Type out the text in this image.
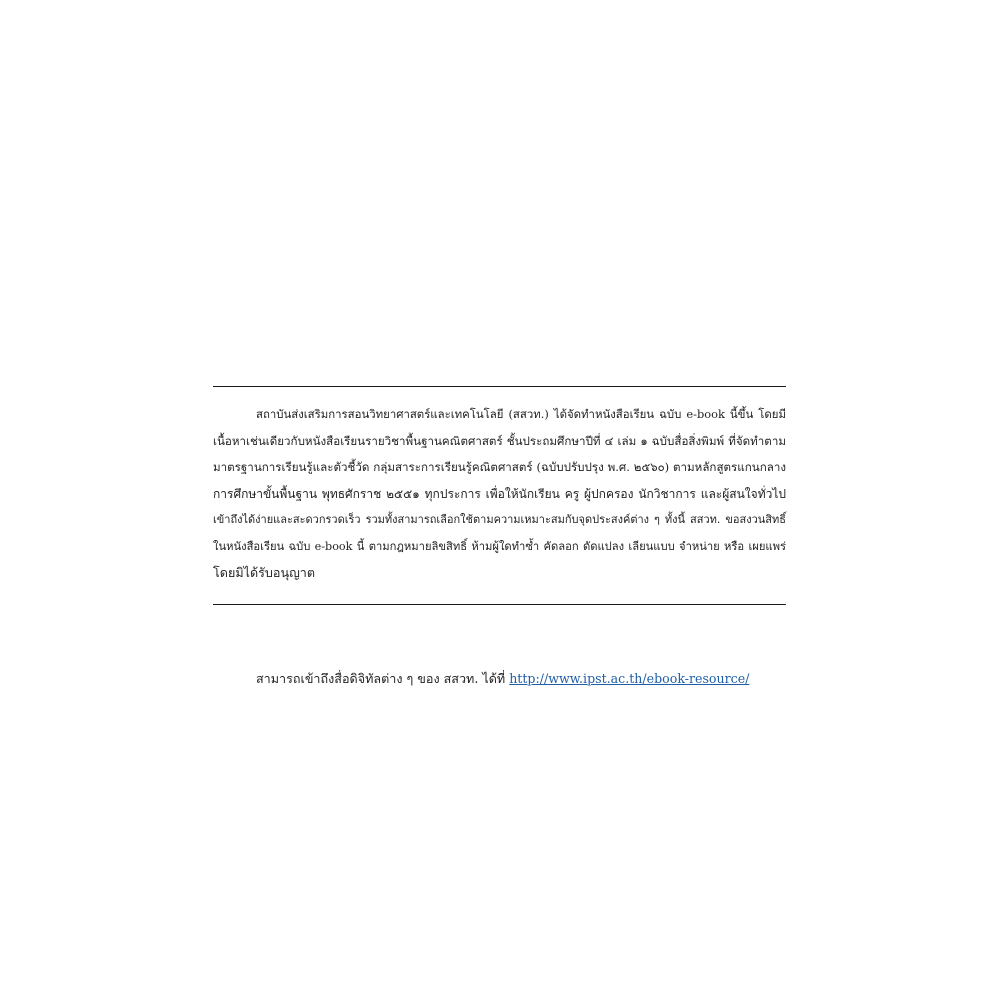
สถาบันส่งเสริมการสอนวิทยาศาสตร์และเทคโนโลยี (สสวท.) ได้จัดทำหนังสือเรียน ฉบับ e-book นี้ขึ้น โดยมี
เนื้อหาเช่นเดียวกับหนังสือเรียนรายวิชาพื้นฐานคณิตศาสตร์ ชั้นประถมศึกษาปีที่ ๔ เล่ม ๑ ฉบับสื่อสิ่งพิมพ์ ที่จัดทำตาม
มาตรฐานการเรียนรู้และตัวชี้วัด กลุ่มสาระการเรียนรู้คณิตศาสตร์ (ฉบับปรับปรุง พ.ศ. ๒๕๖๐) ตามหลักสูตรแกนกลาง
การศึกษาขั้นพื้นฐาน พุทธศักราช ๒๕๕๑ ทุกประการ เพื่อให้นักเรียน ครู ผู้ปกครอง นักวิชาการ และผู้สนใจทั่วไป
เข้าถึงได้ง่ายและสะดวกรวดเร็ว รวมทั้งสามารถเลือกใช้ตามความเหมาะสมกับจุดประสงค์ต่าง ๆ ทั้งนี้ สสวท. ขอสงวนสิทธิ์
ในหนังสือเรียน ฉบับ e-book นี้ ตามกฎหมายลิขสิทธิ์ ห้ามผู้ใดทำซ้ำ คัดลอก ดัดแปลง เลียนแบบ จำหน่าย หรือ เผยแพร่
โดยมิได้รับอนุญาต
สามารถเข้าถึงสื่อดิจิทัลต่าง ๆ ของ สสวท. ได้ที่ http://www.ipst.ac.th/ebook-resource/
